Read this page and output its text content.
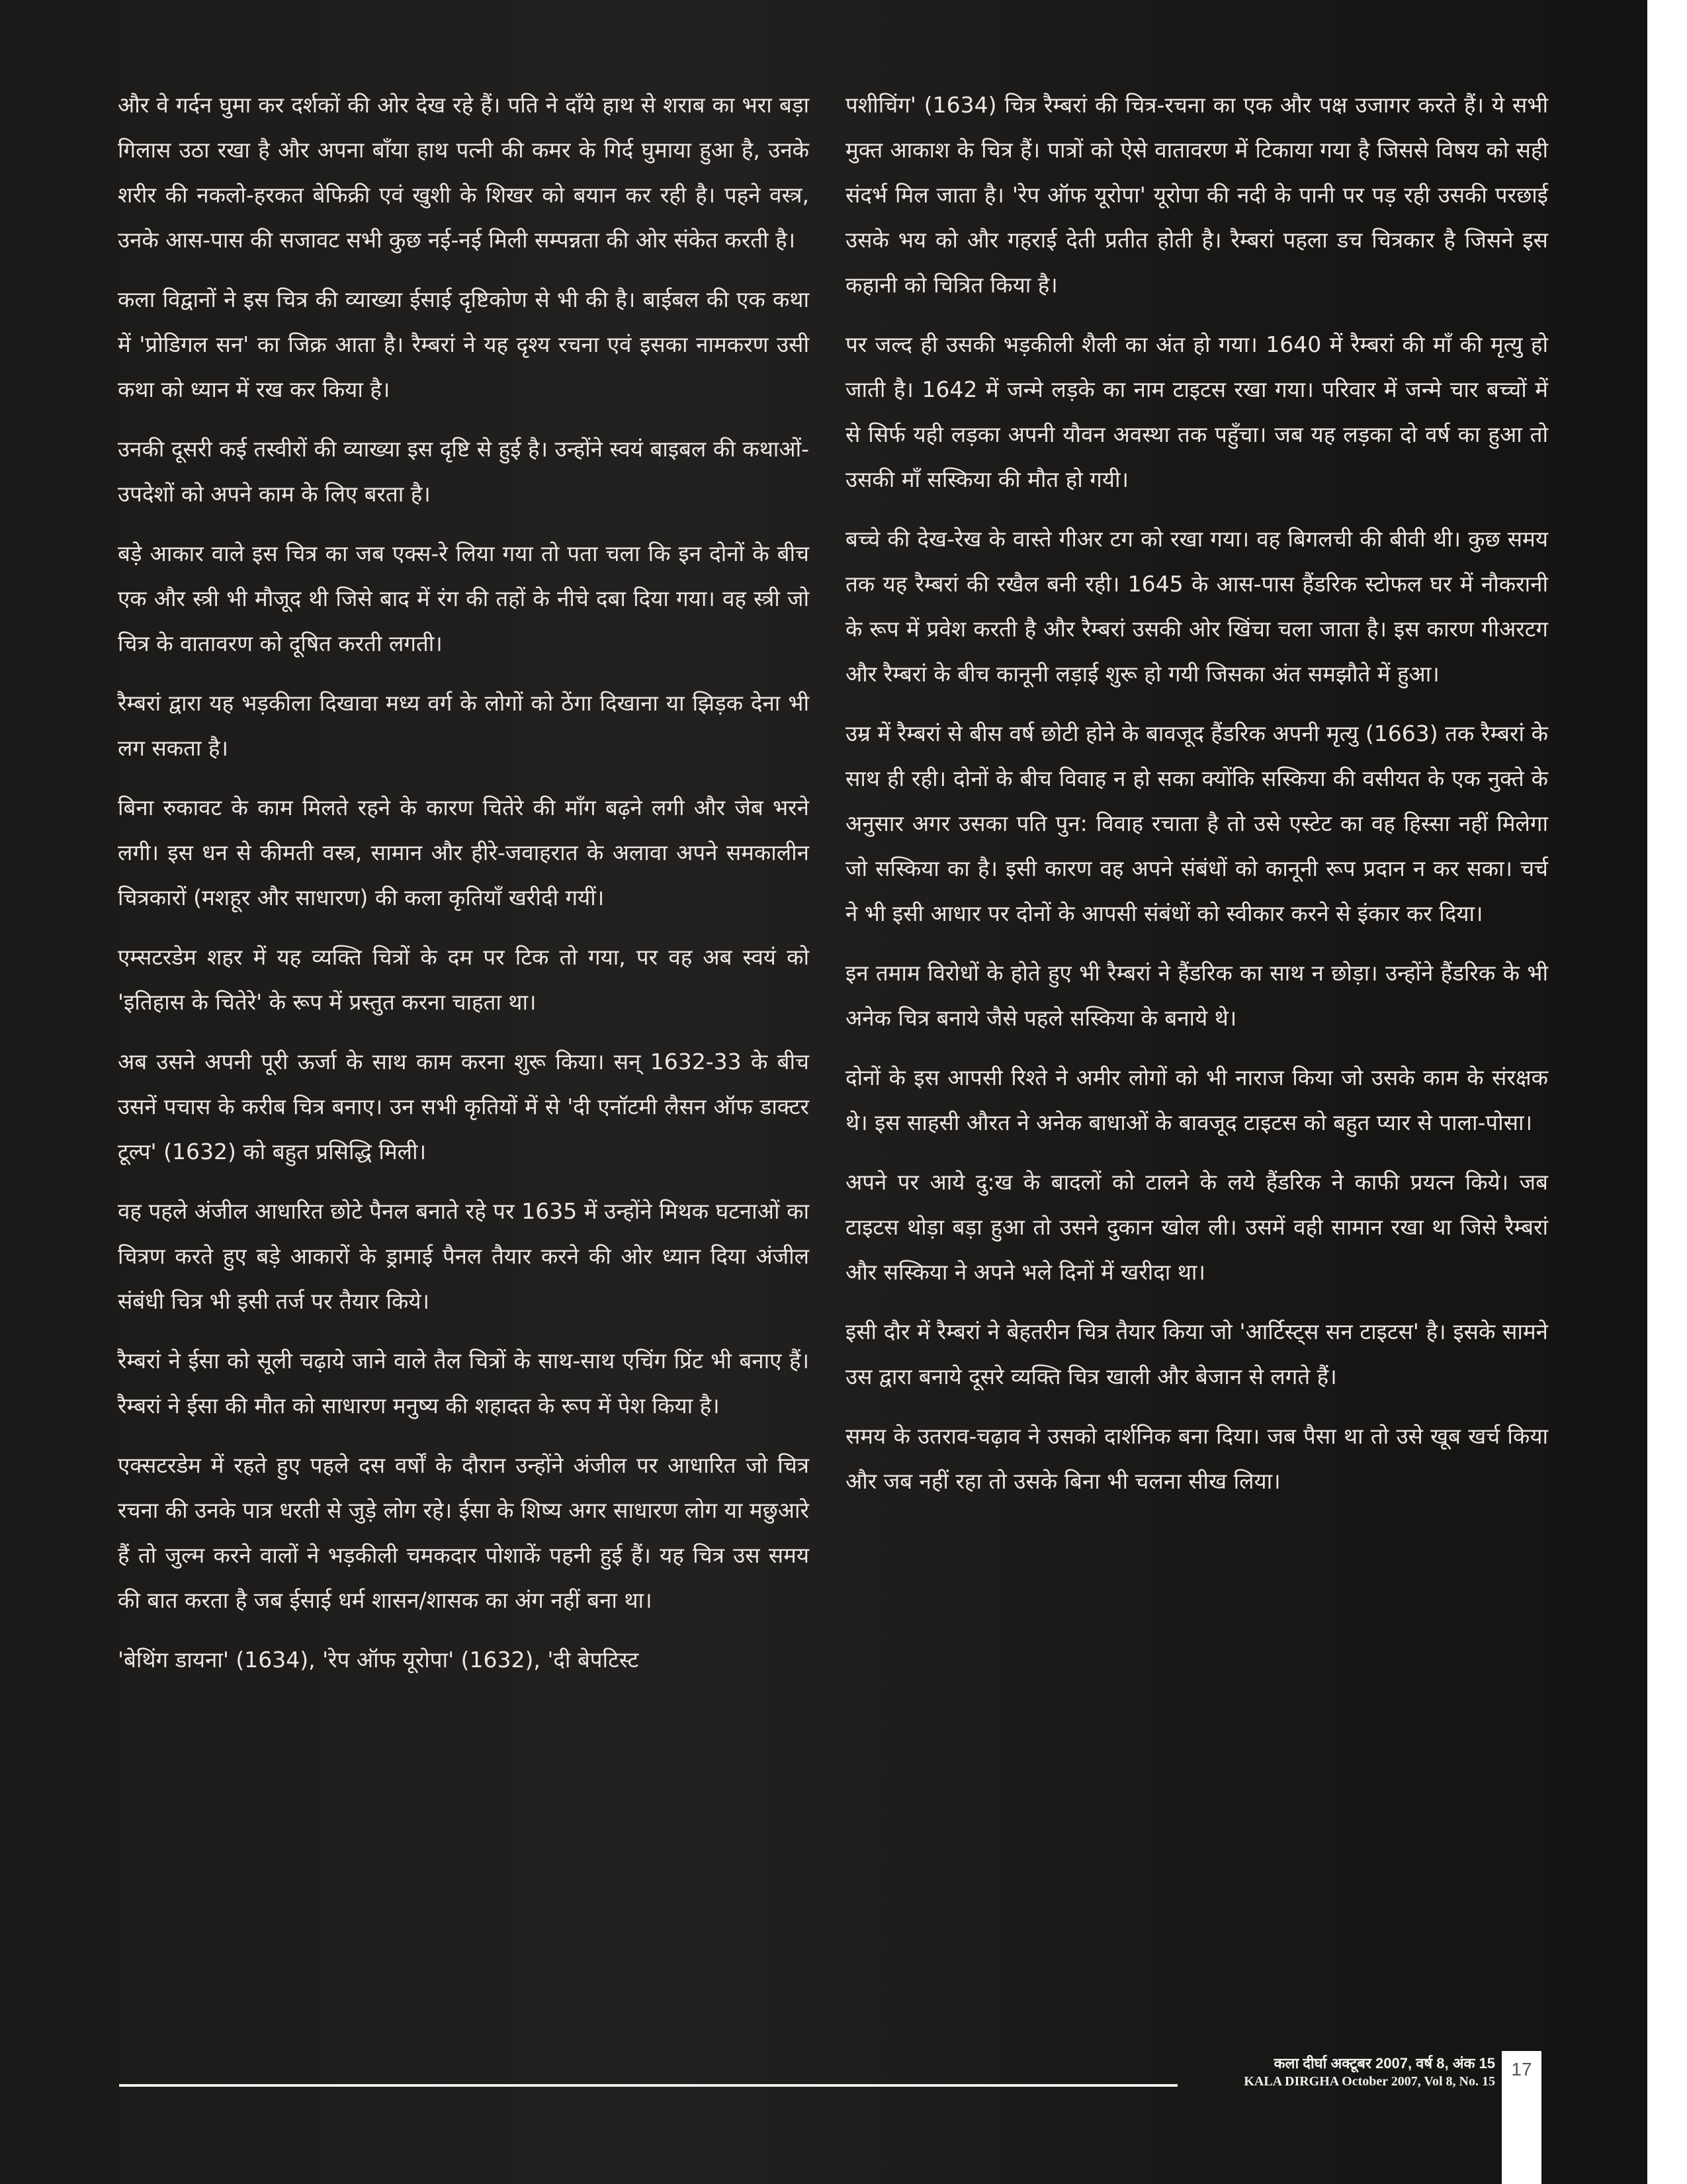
और वे गर्दन घुमा कर दर्शकों की ओर देख रहे हैं। पति ने दाँये हाथ से शराब का भरा बड़ा गिलास उठा रखा है और अपना बाँया हाथ पत्नी की कमर के गिर्द घुमाया हुआ है, उनके शरीर की नकलो-हरकत बेफिक्री एवं खुशी के शिखर को बयान कर रही है। पहने वस्त्र, उनके आस-पास की सजावट सभी कुछ नई-नई मिली सम्पन्नता की ओर संकेत करती है।

कला विद्वानों ने इस चित्र की व्याख्या ईसाई दृष्टिकोण से भी की है। बाईबल की एक कथा में 'प्रोडिगल सन' का जिक्र आता है। रैम्बरां ने यह दृश्य रचना एवं इसका नामकरण उसी कथा को ध्यान में रख कर किया है।

उनकी दूसरी कई तस्वीरों की व्याख्या इस दृष्टि से हुई है। उन्होंने स्वयं बाइबल की कथाओं-उपदेशों को अपने काम के लिए बरता है।

बड़े आकार वाले इस चित्र का जब एक्स-रे लिया गया तो पता चला कि इन दोनों के बीच एक और स्त्री भी मौजूद थी जिसे बाद में रंग की तहों के नीचे दबा दिया गया। वह स्त्री जो चित्र के वातावरण को दूषित करती लगती।

रैम्बरां द्वारा यह भड़कीला दिखावा मध्य वर्ग के लोगों को ठेंगा दिखाना या झिड़क देना भी लग सकता है।

बिना रुकावट के काम मिलते रहने के कारण चितेरे की माँग बढ़ने लगी और जेब भरने लगी। इस धन से कीमती वस्त्र, सामान और हीरे-जवाहरात के अलावा अपने समकालीन चित्रकारों (मशहूर और साधारण) की कला कृतियाँ खरीदी गयीं।

एम्सटरडेम शहर में यह व्यक्ति चित्रों के दम पर टिक तो गया, पर वह अब स्वयं को 'इतिहास के चितेरे' के रूप में प्रस्तुत करना चाहता था।

अब उसने अपनी पूरी ऊर्जा के साथ काम करना शुरू किया। सन् 1632-33 के बीच उसनें पचास के करीब चित्र बनाए। उन सभी कृतियों में से 'दी एनॉटमी लैसन ऑफ डाक्टर टूल्प' (1632) को बहुत प्रसिद्धि मिली।

वह पहले अंजील आधारित छोटे पैनल बनाते रहे पर 1635 में उन्होंने मिथक घटनाओं का चित्रण करते हुए बड़े आकारों के ड्रामाई पैनल तैयार करने की ओर ध्यान दिया अंजील संबंधी चित्र भी इसी तर्ज पर तैयार किये।

रैम्बरां ने ईसा को सूली चढ़ाये जाने वाले तैल चित्रों के साथ-साथ एचिंग प्रिंट भी बनाए हैं। रैम्बरां ने ईसा की मौत को साधारण मनुष्य की शहादत के रूप में पेश किया है।

एक्सटरडेम में रहते हुए पहले दस वर्षों के दौरान उन्होंने अंजील पर आधारित जो चित्र रचना की उनके पात्र धरती से जुड़े लोग रहे। ईसा के शिष्य अगर साधारण लोग या मछुआरे हैं तो जुल्म करने वालों ने भड़कीली चमकदार पोशाकें पहनी हुई हैं। यह चित्र उस समय की बात करता है जब ईसाई धर्म शासन/शासक का अंग नहीं बना था।

'बेथिंग डायना' (1634), 'रेप ऑफ यूरोपा' (1632), 'दी बेपटिस्ट

पशीचिंग' (1634) चित्र रैम्बरां की चित्र-रचना का एक और पक्ष उजागर करते हैं। ये सभी मुक्त आकाश के चित्र हैं। पात्रों को ऐसे वातावरण में टिकाया गया है जिससे विषय को सही संदर्भ मिल जाता है। 'रेप ऑफ यूरोपा' यूरोपा की नदी के पानी पर पड़ रही उसकी परछाई उसके भय को और गहराई देती प्रतीत होती है। रैम्बरां पहला डच चित्रकार है जिसने इस कहानी को चित्रित किया है।

पर जल्द ही उसकी भड़कीली शैली का अंत हो गया। 1640 में रैम्बरां की माँ की मृत्यु हो जाती है। 1642 में जन्मे लड़के का नाम टाइटस रखा गया। परिवार में जन्मे चार बच्चों में से सिर्फ यही लड़का अपनी यौवन अवस्था तक पहुँचा। जब यह लड़का दो वर्ष का हुआ तो उसकी माँ सस्किया की मौत हो गयी।

बच्चे की देख-रेख के वास्ते गीअर टग को रखा गया। वह बिगलची की बीवी थी। कुछ समय तक यह रैम्बरां की रखैल बनी रही। 1645 के आस-पास हैंडरिक स्टोफल घर में नौकरानी के रूप में प्रवेश करती है और रैम्बरां उसकी ओर खिंचा चला जाता है। इस कारण गीअरटग और रैम्बरां के बीच कानूनी लड़ाई शुरू हो गयी जिसका अंत समझौते में हुआ।

उम्र में रैम्बरां से बीस वर्ष छोटी होने के बावजूद हैंडरिक अपनी मृत्यु (1663) तक रैम्बरां के साथ ही रही। दोनों के बीच विवाह न हो सका क्योंकि सस्किया की वसीयत के एक नुक्ते के अनुसार अगर उसका पति पुन: विवाह रचाता है तो उसे एस्टेट का वह हिस्सा नहीं मिलेगा जो सस्किया का है। इसी कारण वह अपने संबंधों को कानूनी रूप प्रदान न कर सका। चर्च ने भी इसी आधार पर दोनों के आपसी संबंधों को स्वीकार करने से इंकार कर दिया।

इन तमाम विरोधों के होते हुए भी रैम्बरां ने हैंडरिक का साथ न छोड़ा। उन्होंने हैंडरिक के भी अनेक चित्र बनाये जैसे पहले सस्किया के बनाये थे।

दोनों के इस आपसी रिश्ते ने अमीर लोगों को भी नाराज किया जो उसके काम के संरक्षक थे। इस साहसी औरत ने अनेक बाधाओं के बावजूद टाइटस को बहुत प्यार से पाला-पोसा।

अपने पर आये दु:ख के बादलों को टालने के लये हैंडरिक ने काफी प्रयत्न किये। जब टाइटस थोड़ा बड़ा हुआ तो उसने दुकान खोल ली। उसमें वही सामान रखा था जिसे रैम्बरां और सस्किया ने अपने भले दिनों में खरीदा था।

इसी दौर में रैम्बरां ने बेहतरीन चित्र तैयार किया जो 'आर्टिस्ट्स सन टाइटस' है। इसके सामने उस द्वारा बनाये दूसरे व्यक्ति चित्र खाली और बेजान से लगते हैं।

समय के उतराव-चढ़ाव ने उसको दार्शनिक बना दिया। जब पैसा था तो उसे खूब खर्च किया और जब नहीं रहा तो उसके बिना भी चलना सीख लिया।

कला दीर्घा अक्टूबर 2007, वर्ष 8, अंक 15
KALA DIRGHA October 2007, Vol 8, No. 15
17
